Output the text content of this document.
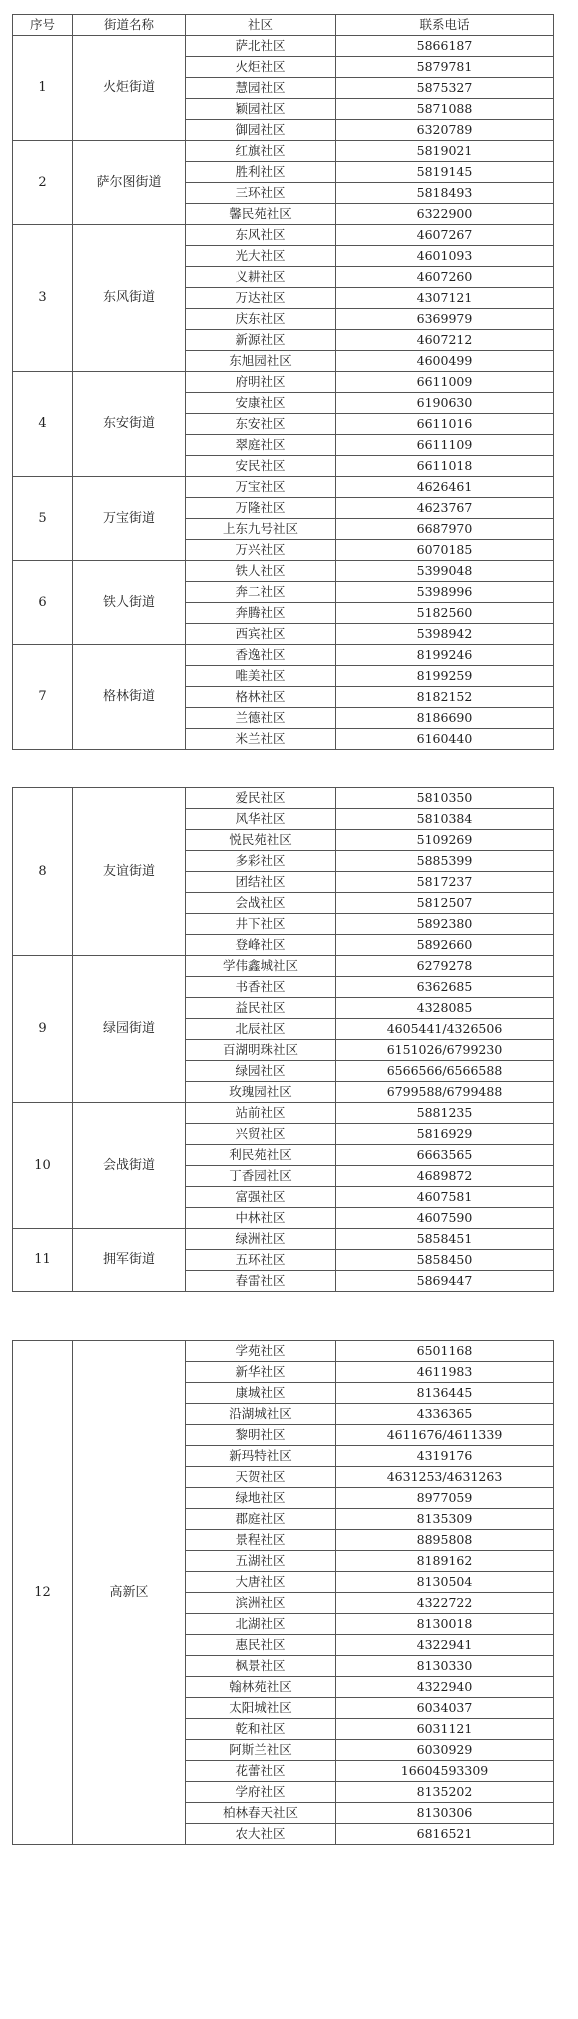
序号	街道名称	社区	联系电话
1	火炬街道	萨北社区	5866187
		火炬社区	5879781
		慧园社区	5875327
		颖园社区	5871088
		御园社区	6320789
2	萨尔图街道	红旗社区	5819021
		胜利社区	5819145
		三环社区	5818493
		馨民苑社区	6322900
3	东风街道	东风社区	4607267
		光大社区	4601093
		义耕社区	4607260
		万达社区	4307121
		庆东社区	6369979
		新源社区	4607212
		东旭园社区	4600499
4	东安街道	府明社区	6611009
		安康社区	6190630
		东安社区	6611016
		翠庭社区	6611109
		安民社区	6611018
5	万宝街道	万宝社区	4626461
		万隆社区	4623767
		上东九号社区	6687970
		万兴社区	6070185
6	铁人街道	铁人社区	5399048
		奔二社区	5398996
		奔腾社区	5182560
		西宾社区	5398942
7	格林街道	香逸社区	8199246
		唯美社区	8199259
		格林社区	8182152
		兰德社区	8186690
		米兰社区	6160440
8	友谊街道	爱民社区	5810350
		风华社区	5810384
		悦民苑社区	5109269
		多彩社区	5885399
		团结社区	5817237
		会战社区	5812507
		井下社区	5892380
		登峰社区	5892660
9	绿园街道	学伟鑫城社区	6279278
		书香社区	6362685
		益民社区	4328085
		北辰社区	4605441/4326506
		百湖明珠社区	6151026/6799230
		绿园社区	6566566/6566588
		玫瑰园社区	6799588/6799488
10	会战街道	站前社区	5881235
		兴贸社区	5816929
		利民苑社区	6663565
		丁香园社区	4689872
		富强社区	4607581
		中林社区	4607590
11	拥军街道	绿洲社区	5858451
		五环社区	5858450
		春雷社区	5869447
12	高新区	学苑社区	6501168
		新华社区	4611983
		康城社区	8136445
		沿湖城社区	4336365
		黎明社区	4611676/4611339
		新玛特社区	4319176
		天贺社区	4631253/4631263
		绿地社区	8977059
		郡庭社区	8135309
		景程社区	8895808
		五湖社区	8189162
		大唐社区	8130504
		滨洲社区	4322722
		北湖社区	8130018
		惠民社区	4322941
		枫景社区	8130330
		翰林苑社区	4322940
		太阳城社区	6034037
		乾和社区	6031121
		阿斯兰社区	6030929
		花蕾社区	16604593309
		学府社区	8135202
		柏林春天社区	8130306
		农大社区	6816521
